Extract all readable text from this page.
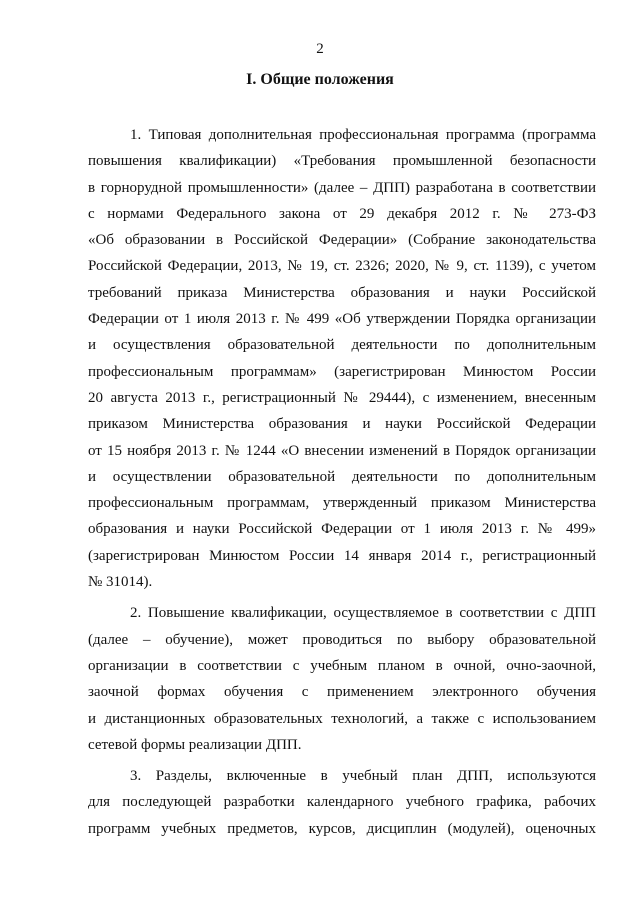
2
I. Общие положения

1. Типовая дополнительная профессиональная программа (программа
повышения квалификации) «Требования промышленной безопасности
в горнорудной промышленности» (далее – ДПП) разработана в соответствии
с нормами Федерального закона от 29 декабря 2012 г. № 273-ФЗ
«Об образовании в Российской Федерации» (Собрание законодательства
Российской Федерации, 2013, № 19, ст. 2326; 2020, № 9, ст. 1139), с учетом
требований приказа Министерства образования и науки Российской
Федерации от 1 июля 2013 г. № 499 «Об утверждении Порядка организации
и осуществления образовательной деятельности по дополнительным
профессиональным программам» (зарегистрирован Минюстом России
20 августа 2013 г., регистрационный № 29444), с изменением, внесенным
приказом Министерства образования и науки Российской Федерации
от 15 ноября 2013 г. № 1244 «О внесении изменений в Порядок организации
и осуществлении образовательной деятельности по дополнительным
профессиональным программам, утвержденный приказом Министерства
образования и науки Российской Федерации от 1 июля 2013 г. № 499»
(зарегистрирован Минюстом России 14 января 2014 г., регистрационный
№ 31014).

2. Повышение квалификации, осуществляемое в соответствии с ДПП
(далее – обучение), может проводиться по выбору образовательной
организации в соответствии с учебным планом в очной, очно-заочной,
заочной формах обучения с применением электронного обучения
и дистанционных образовательных технологий, а также с использованием
сетевой формы реализации ДПП.

3. Разделы, включенные в учебный план ДПП, используются
для последующей разработки календарного учебного графика, рабочих
программ учебных предметов, курсов, дисциплин (модулей), оценочных
